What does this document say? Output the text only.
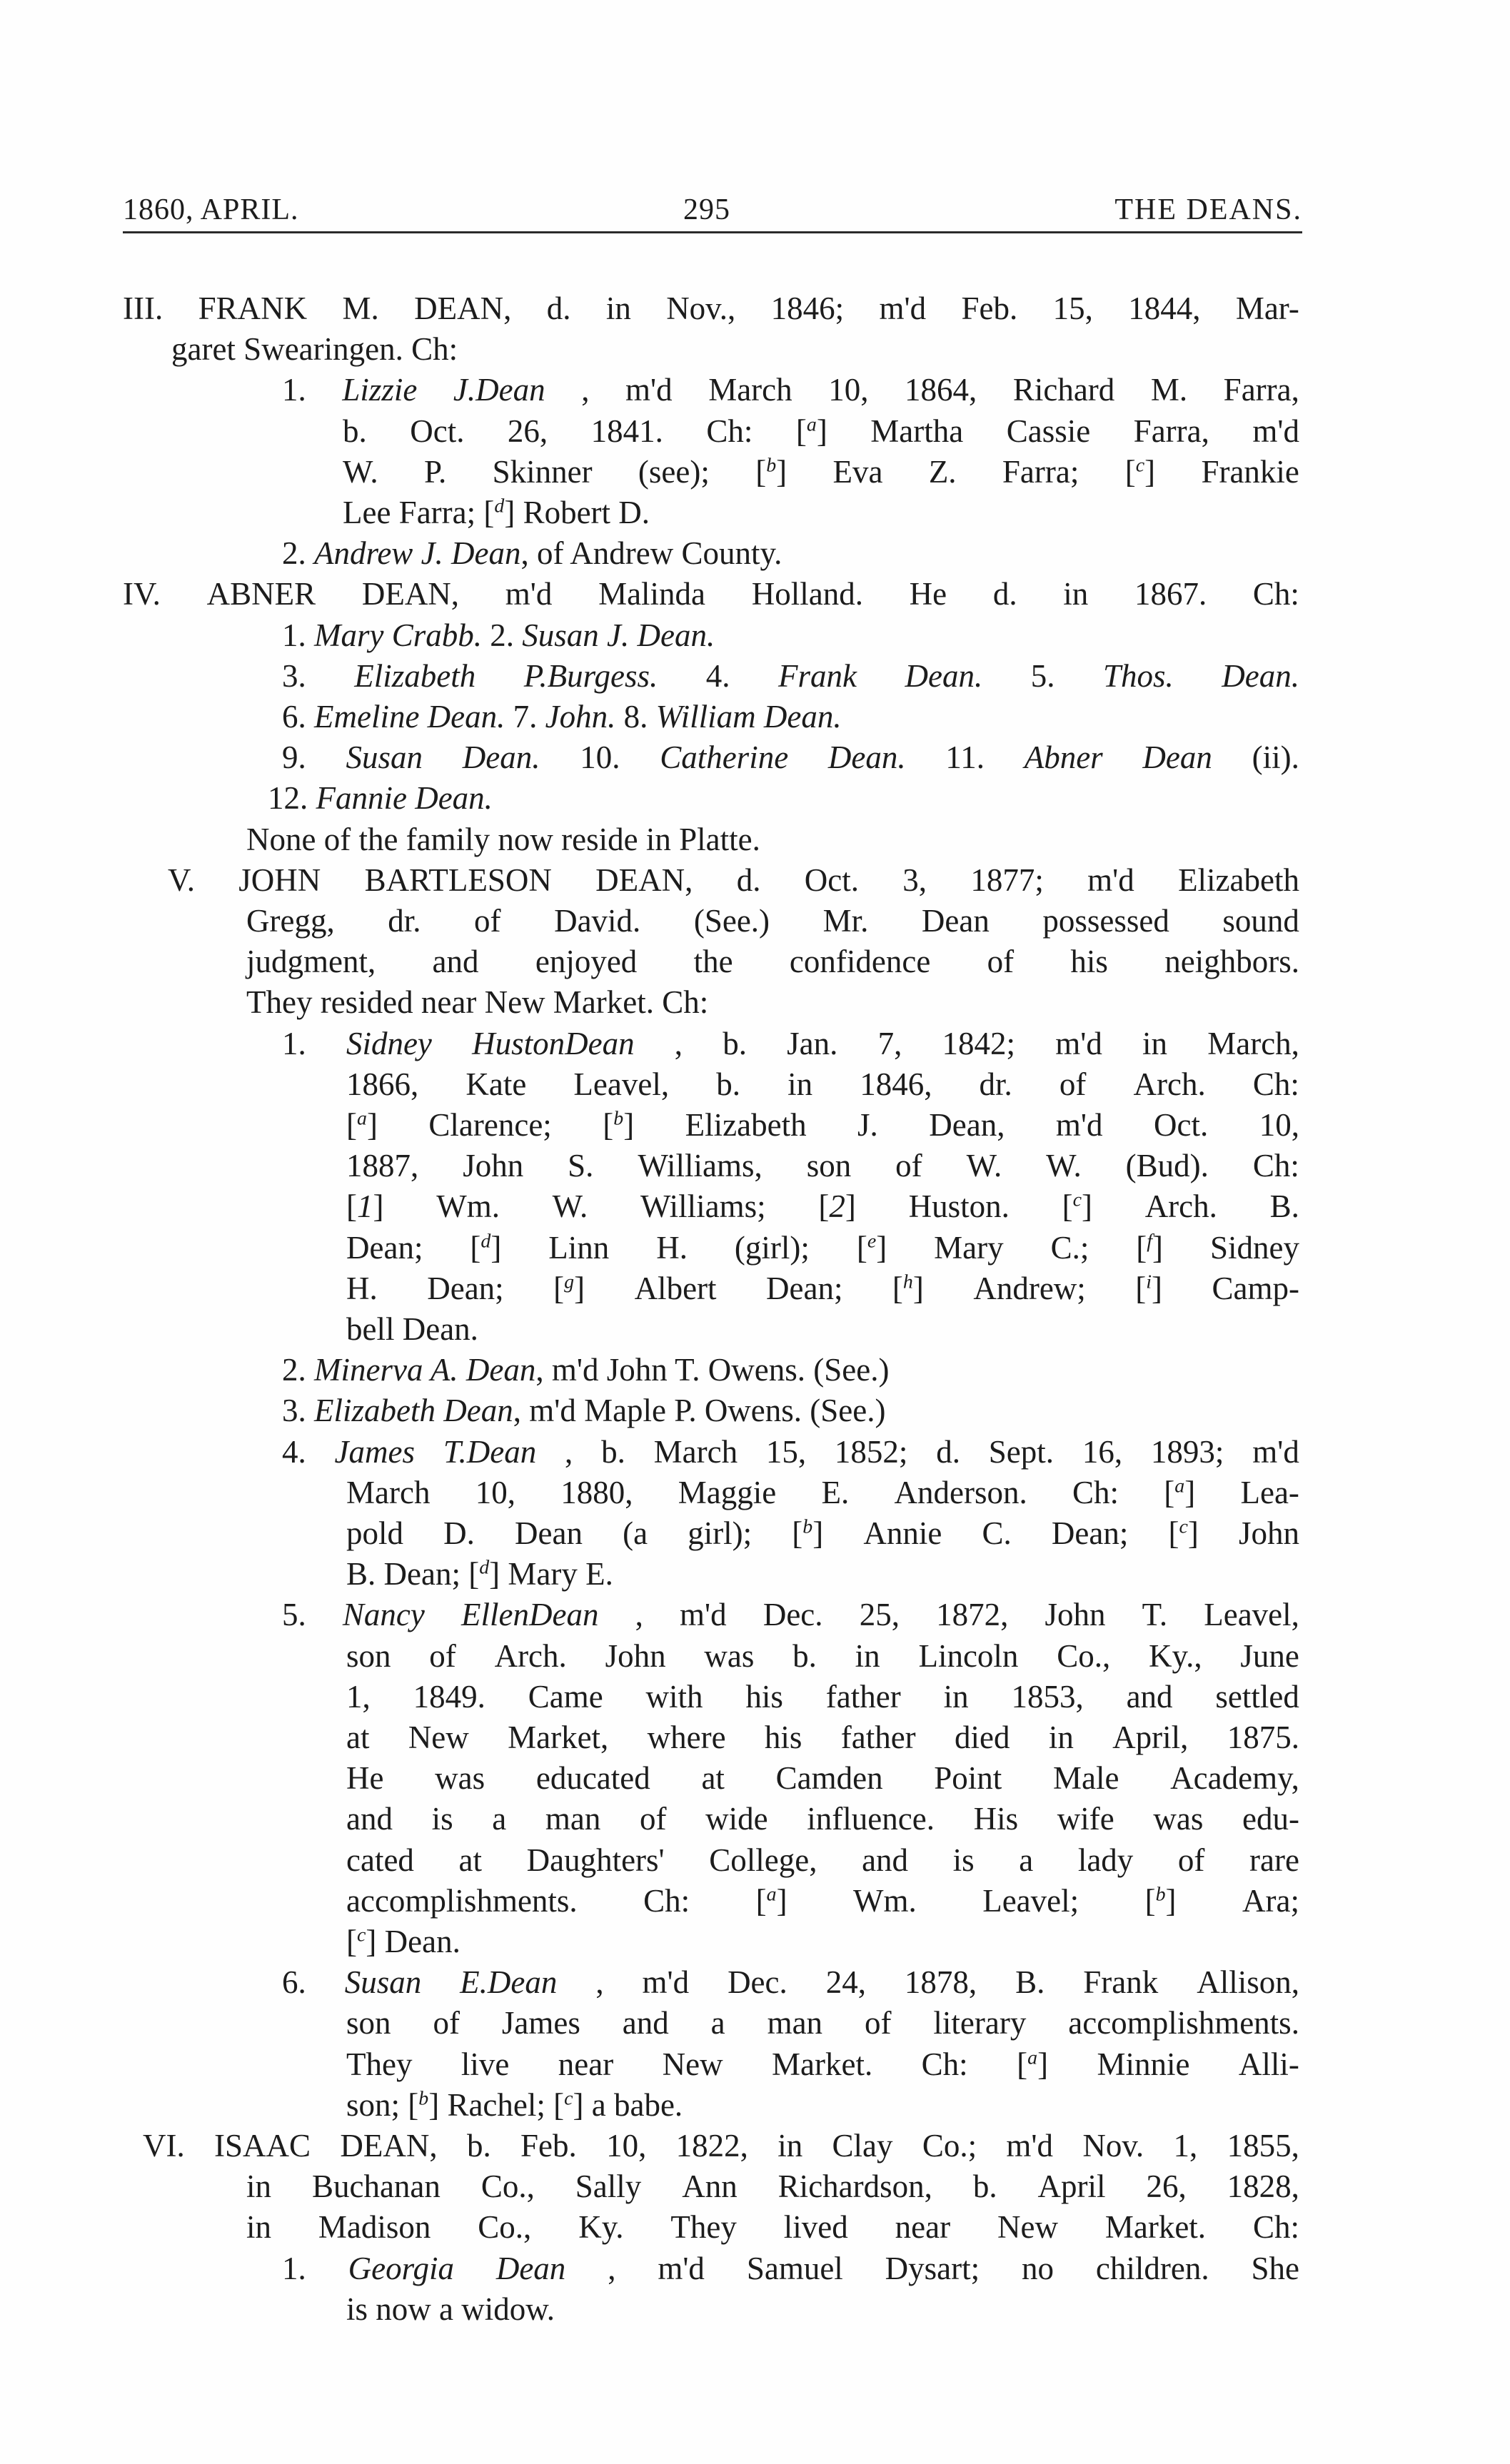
1860, APRIL.	295	THE DEANS.
III. FRANK M. DEAN, d. in Nov., 1846; m'd Feb. 15, 1844, Mar-
garet Swearingen. Ch:
1. Lizzie J.Dean , m'd March 10, 1864, Richard M. Farra,
b. Oct. 26, 1841. Ch: [$^a$] Martha Cassie Farra, m'd
W. P. Skinner (see); [$^b$] Eva Z. Farra; [$^c$] Frankie
Lee Farra; [$^d$] Robert D.
2. Andrew J. Dean, of Andrew County.
IV. ABNER DEAN, m'd Malinda Holland. He d. in 1867. Ch:
1. Mary Crabb. 2. Susan J. Dean.
3. Elizabeth P.Burgess. 4. Frank Dean. 5. Thos. Dean.
6. Emeline Dean. 7. John. 8. William Dean.
9. Susan Dean. 10. Catherine Dean. 11. Abner Dean (ii).
12. Fannie Dean.
None of the family now reside in Platte.
V. JOHN BARTLESON DEAN, d. Oct. 3, 1877; m'd Elizabeth
Gregg, dr. of David. (See.) Mr. Dean possessed sound
judgment, and enjoyed the confidence of his neighbors.
They resided near New Market. Ch:
1. Sidney HustonDean , b. Jan. 7, 1842; m'd in March,
1866, Kate Leavel, b. in 1846, dr. of Arch. Ch:
[$^a$] Clarence; [$^b$] Elizabeth J. Dean, m'd Oct. 10,
1887, John S. Williams, son of W. W. (Bud). Ch:
[1] Wm. W. Williams; [2] Huston. [$^c$] Arch. B.
Dean; [$^d$] Linn H. (girl); [$^e$] Mary C.; [$^f$] Sidney
H. Dean; [$^g$] Albert Dean; [$^h$] Andrew; [$^i$] Camp-
bell Dean.
2. Minerva A. Dean, m'd John T. Owens. (See.)
3. Elizabeth Dean, m'd Maple P. Owens. (See.)
4. James T.Dean , b. March 15, 1852; d. Sept. 16, 1893; m'd
March 10, 1880, Maggie E. Anderson. Ch: [$^a$] Lea-
pold D. Dean (a girl); [$^b$] Annie C. Dean; [$^c$] John
B. Dean; [$^d$] Mary E.
5. Nancy EllenDean , m'd Dec. 25, 1872, John T. Leavel,
son of Arch. John was b. in Lincoln Co., Ky., June
1, 1849. Came with his father in 1853, and settled
at New Market, where his father died in April, 1875.
He was educated at Camden Point Male Academy,
and is a man of wide influence. His wife was edu-
cated at Daughters' College, and is a lady of rare
accomplishments. Ch: [$^a$] Wm. Leavel; [$^b$] Ara;
[$^c$] Dean.
6. Susan E.Dean , m'd Dec. 24, 1878, B. Frank Allison,
son of James and a man of literary accomplishments.
They live near New Market. Ch: [$^a$] Minnie Alli-
son; [$^b$] Rachel; [$^c$] a babe.
VI. ISAAC DEAN, b. Feb. 10, 1822, in Clay Co.; m'd Nov. 1, 1855,
in Buchanan Co., Sally Ann Richardson, b. April 26, 1828,
in Madison Co., Ky. They lived near New Market. Ch:
1. Georgia Dean , m'd Samuel Dysart; no children. She
is now a widow.
